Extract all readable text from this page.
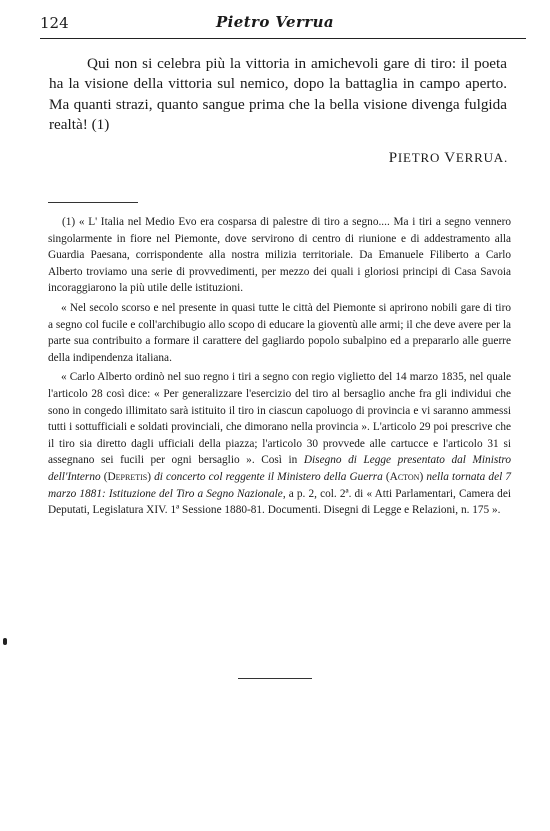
124	Pietro Verrua

Qui non si celebra più la vittoria in amichevoli gare di tiro: il poeta ha la visione della vittoria sul nemico, dopo la battaglia in campo aperto. Ma quanti strazi, quanto sangue prima che la bella visione divenga fulgida realtà! (1)

PIETRO VERRUA.

(1) « L' Italia nel Medio Evo era cosparsa di palestre di tiro a segno.... Ma i tiri a segno vennero singolarmente in fiore nel Piemonte, dove servirono di centro di riunione e di addestramento alla Guardia Paesana, corrispondente alla nostra milizia territoriale. Da Emanuele Filiberto a Carlo Alberto troviamo una serie di provvedimenti, per mezzo dei quali i gloriosi principi di Casa Savoia incoraggiarono la più utile delle istituzioni.

« Nel secolo scorso e nel presente in quasi tutte le città del Piemonte si aprirono nobili gare di tiro a segno col fucile e coll'archibugio allo scopo di educare la gioventù alle armi; il che deve avere per la parte sua contribuito a formare il carattere del gagliardo popolo subalpino ed a prepararlo alle guerre della indipendenza italiana.

« Carlo Alberto ordinò nel suo regno i tiri a segno con regio viglietto del 14 marzo 1835, nel quale l'articolo 28 così dice: « Per generalizzare l'esercizio del tiro al bersaglio anche fra gli individui che sono in congedo illimitato sarà istituito il tiro in ciascun capoluogo di provincia e vi saranno ammessi tutti i sottufficiali e soldati provinciali, che dimorano nella provincia ». L'articolo 29 poi prescrive che il tiro sia diretto dagli ufficiali della piazza; l'articolo 30 provvede alle cartucce e l'articolo 31 si assegnano sei fucili per ogni bersaglio ». Così in Disegno di Legge presentato dal Ministro dell'Interno (Depretis) di concerto col reggente il Ministero della Guerra (Acton) nella tornata del 7 marzo 1881: Istituzione del Tiro a Segno Nazionale, a p. 2, col. 2ª. di « Atti Parlamentari, Camera dei Deputati, Legislatura XIV. 1ª Sessione 1880-81. Documenti. Disegni di Legge e Relazioni, n. 175 ».
